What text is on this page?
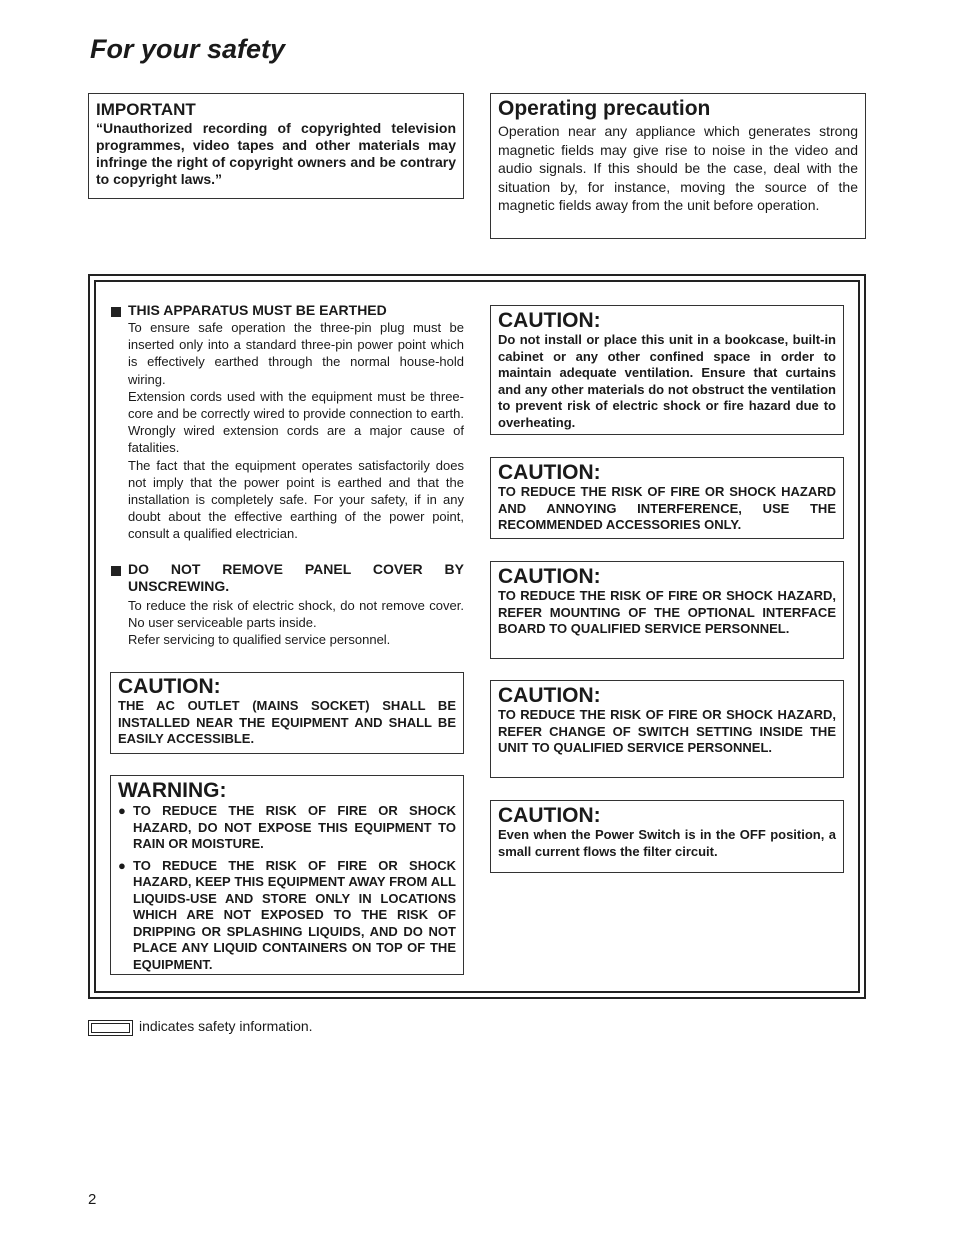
For your safety

IMPORTANT

“Unauthorized recording of copyrighted television programmes, video tapes and other materials may infringe the right of copyright owners and be contrary to copyright laws.”

Operating precaution

Operation near any appliance which generates strong magnetic fields may give rise to noise in the video and audio signals. If this should be the case, deal with the situation by, for instance, moving the source of the magnetic fields away from the unit before operation.

THIS APPARATUS MUST BE EARTHED

To ensure safe operation the three-pin plug must be inserted only into a standard three-pin power point which is effectively earthed through the normal house-hold wiring.

Extension cords used with the equipment must be three-core and be correctly wired to provide connection to earth. Wrongly wired extension cords are a major cause of fatalities.

The fact that the equipment operates satisfactorily does not imply that the power point is earthed and that the installation is completely safe. For your safety, if in any doubt about the effective earthing of the power point, consult a qualified electrician.

DO NOT REMOVE PANEL COVER BY UNSCREWING.

To reduce the risk of electric shock, do not remove cover. No user serviceable parts inside.

Refer servicing to qualified service personnel.

CAUTION:

THE AC OUTLET (MAINS SOCKET) SHALL BE INSTALLED NEAR THE EQUIPMENT AND SHALL BE EASILY ACCESSIBLE.

WARNING:

● TO REDUCE THE RISK OF FIRE OR SHOCK HAZARD, DO NOT EXPOSE THIS EQUIPMENT TO RAIN OR MOISTURE.

● TO REDUCE THE RISK OF FIRE OR SHOCK HAZARD, KEEP THIS EQUIPMENT AWAY FROM ALL LIQUIDS-USE AND STORE ONLY IN LOCATIONS WHICH ARE NOT EXPOSED TO THE RISK OF DRIPPING OR SPLASHING LIQUIDS, AND DO NOT PLACE ANY LIQUID CONTAINERS ON TOP OF THE EQUIPMENT.

CAUTION:

Do not install or place this unit in a bookcase, built-in cabinet or any other confined space in order to maintain adequate ventilation. Ensure that curtains and any other materials do not obstruct the ventilation to prevent risk of electric shock or fire hazard due to overheating.

CAUTION:

TO REDUCE THE RISK OF FIRE OR SHOCK HAZARD AND ANNOYING INTERFERENCE, USE THE RECOMMENDED ACCESSORIES ONLY.

CAUTION:

TO REDUCE THE RISK OF FIRE OR SHOCK HAZARD, REFER MOUNTING OF THE OPTIONAL INTERFACE BOARD TO QUALIFIED SERVICE PERSONNEL.

CAUTION:

TO REDUCE THE RISK OF FIRE OR SHOCK HAZARD, REFER CHANGE OF SWITCH SETTING INSIDE THE UNIT TO QUALIFIED SERVICE PERSONNEL.

CAUTION:

Even when the Power Switch is in the OFF position, a small current flows the filter circuit.

indicates safety information.
2
